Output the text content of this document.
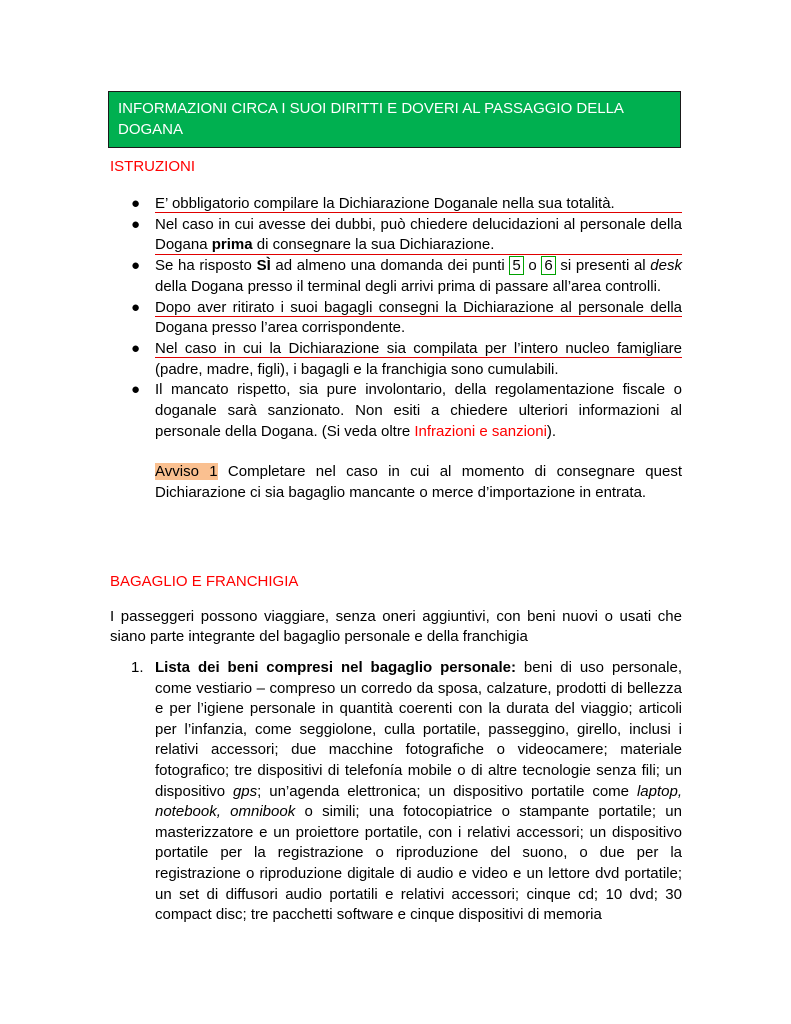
INFORMAZIONI CIRCA I SUOI DIRITTI E DOVERI AL PASSAGGIO DELLA DOGANA
ISTRUZIONI
● E’ obbligatorio compilare la Dichiarazione Doganale nella sua totalità.
● Nel caso in cui avesse dei dubbi, può chiedere delucidazioni al personale della Dogana prima di consegnare la sua Dichiarazione.
● Se ha risposto SÌ ad almeno una domanda dei punti 5 o 6 si presenti al desk della Dogana presso il terminal degli arrivi prima di passare all’area controlli.
● Dopo aver ritirato i suoi bagagli consegni la Dichiarazione al personale della Dogana presso l’area corrispondente.
● Nel caso in cui la Dichiarazione sia compilata per l’intero nucleo famigliare (padre, madre, figli), i bagagli e la franchigia sono cumulabili.
● Il mancato rispetto, sia pure involontario, della regolamentazione fiscale o doganale sarà sanzionato. Non esiti a chiedere ulteriori informazioni al personale della Dogana. (Si veda oltre Infrazioni e sanzioni).
Avviso 1 Completare nel caso in cui al momento di consegnare quest Dichiarazione ci sia bagaglio mancante o merce d’importazione in entrata.
BAGAGLIO E FRANCHIGIA
I passeggeri possono viaggiare, senza oneri aggiuntivi, con beni nuovi o usati che siano parte integrante del bagaglio personale e della franchigia
1. Lista dei beni compresi nel bagaglio personale: beni di uso personale, come vestiario – compreso un corredo da sposa, calzature, prodotti di bellezza e per l’igiene personale in quantità coerenti con la durata del viaggio; articoli per l’infanzia, come seggiolone, culla portatile, passeggino, girello, inclusi i relativi accessori; due macchine fotografiche o videocamere; materiale fotografico; tre dispositivi di telefonía mobile o di altre tecnologie senza fili; un dispositivo gps; un’agenda elettronica; un dispositivo portatile come laptop, notebook, omnibook o simili; una fotocopiatrice o stampante portatile; un masterizzatore e un proiettore portatile, con i relativi accessori; un dispositivo portatile per la registrazione o riproduzione del suono, o due per la registrazione o riproduzione digitale di audio e video e un lettore dvd portatile; un set di diffusori audio portatili e relativi accessori; cinque cd; 10 dvd; 30 compact disc; tre pacchetti software e cinque dispositivi di memoria
